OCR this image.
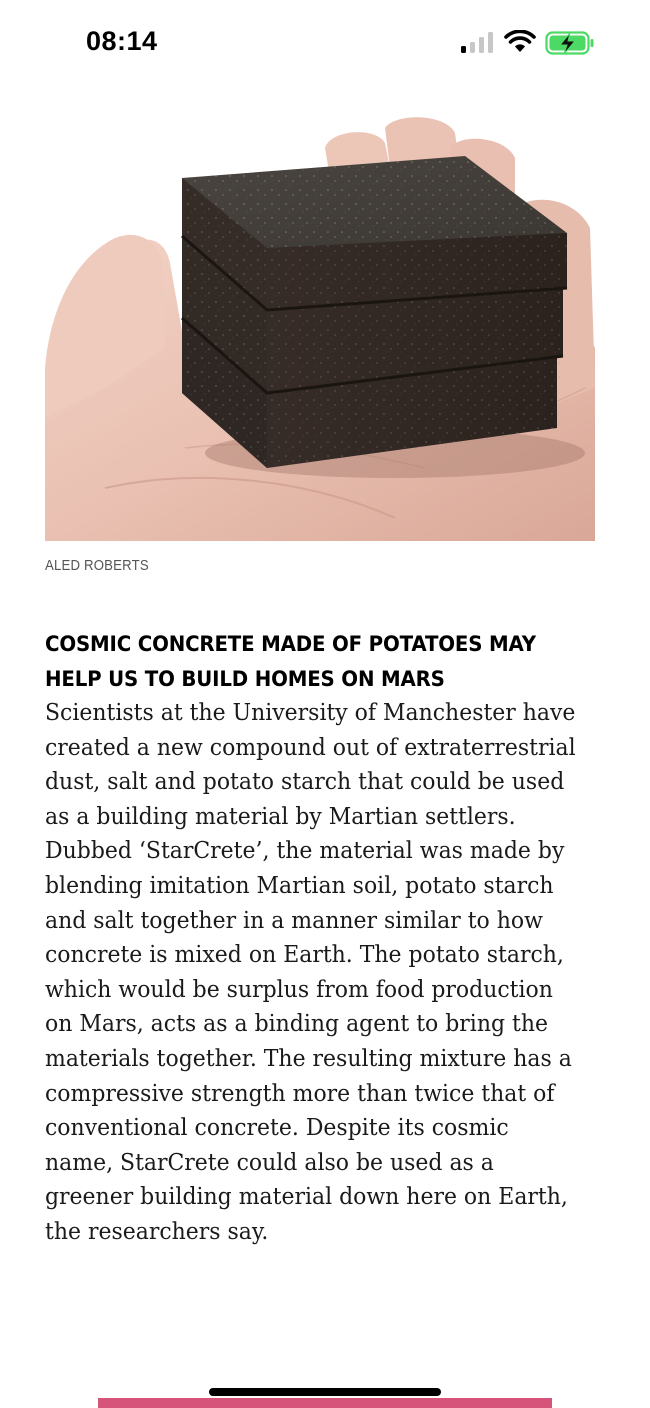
08:14
ALED ROBERTS
COSMIC CONCRETE MADE OF POTATOES MAY HELP US TO BUILD HOMES ON MARS

Scientists at the University of Manchester have created a new compound out of extraterrestrial dust, salt and potato starch that could be used as a building material by Martian settlers. Dubbed ‘StarCrete’, the material was made by blending imitation Martian soil, potato starch and salt together in a manner similar to how concrete is mixed on Earth. The potato starch, which would be surplus from food production on Mars, acts as a binding agent to bring the materials together. The resulting mixture has a compressive strength more than twice that of conventional concrete. Despite its cosmic name, StarCrete could also be used as a greener building material down here on Earth, the researchers say.
